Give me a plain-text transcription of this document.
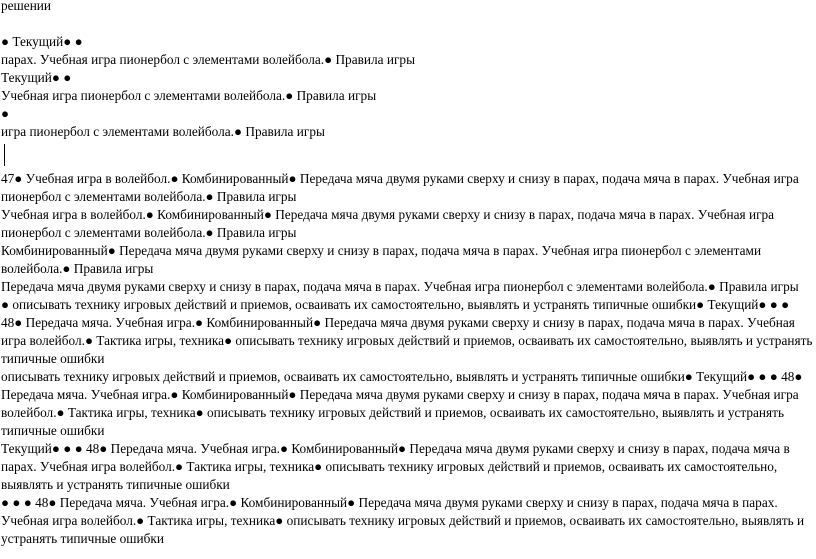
решении

● Текущий● ●

парах. Учебная игра пионербол с элементами волейбола.● Правила игры

Текущий● ●

Учебная игра пионербол с элементами волейбола.● Правила игры

●

игра пионербол с элементами волейбола.● Правила игры

47● Учебная игра в волейбол.● Комбинированный● Передача мяча двумя руками сверху и снизу в парах, подача мяча в парах. Учебная игра пионербол с элементами волейбола.● Правила игры

Учебная игра в волейбол.● Комбинированный● Передача мяча двумя руками сверху и снизу в парах, подача мяча в парах. Учебная игра пионербол с элементами волейбола.● Правила игры

Комбинированный● Передача мяча двумя руками сверху и снизу в парах, подача мяча в парах. Учебная игра пионербол с элементами волейбола.● Правила игры

Передача мяча двумя руками сверху и снизу в парах, подача мяча в парах. Учебная игра пионербол с элементами волейбола.● Правила игры

● описывать технику игровых действий и приемов, осваивать их самостоятельно, выявлять и устранять типичные ошибки● Текущий● ● ● 48● Передача мяча. Учебная игра.● Комбинированный● Передача мяча двумя руками сверху и снизу в парах, подача мяча в парах. Учебная игра волейбол.● Тактика игры, техника● описывать технику игровых действий и приемов, осваивать их самостоятельно, выявлять и устранять типичные ошибки

описывать технику игровых действий и приемов, осваивать их самостоятельно, выявлять и устранять типичные ошибки● Текущий● ● ● 48● Передача мяча. Учебная игра.● Комбинированный● Передача мяча двумя руками сверху и снизу в парах, подача мяча в парах. Учебная игра волейбол.● Тактика игры, техника● описывать технику игровых действий и приемов, осваивать их самостоятельно, выявлять и устранять типичные ошибки

Текущий● ● ● 48● Передача мяча. Учебная игра.● Комбинированный● Передача мяча двумя руками сверху и снизу в парах, подача мяча в парах. Учебная игра волейбол.● Тактика игры, техника● описывать технику игровых действий и приемов, осваивать их самостоятельно, выявлять и устранять типичные ошибки

● ● ● 48● Передача мяча. Учебная игра.● Комбинированный● Передача мяча двумя руками сверху и снизу в парах, подача мяча в парах. Учебная игра волейбол.● Тактика игры, техника● описывать технику игровых действий и приемов, осваивать их самостоятельно, выявлять и устранять типичные ошибки
